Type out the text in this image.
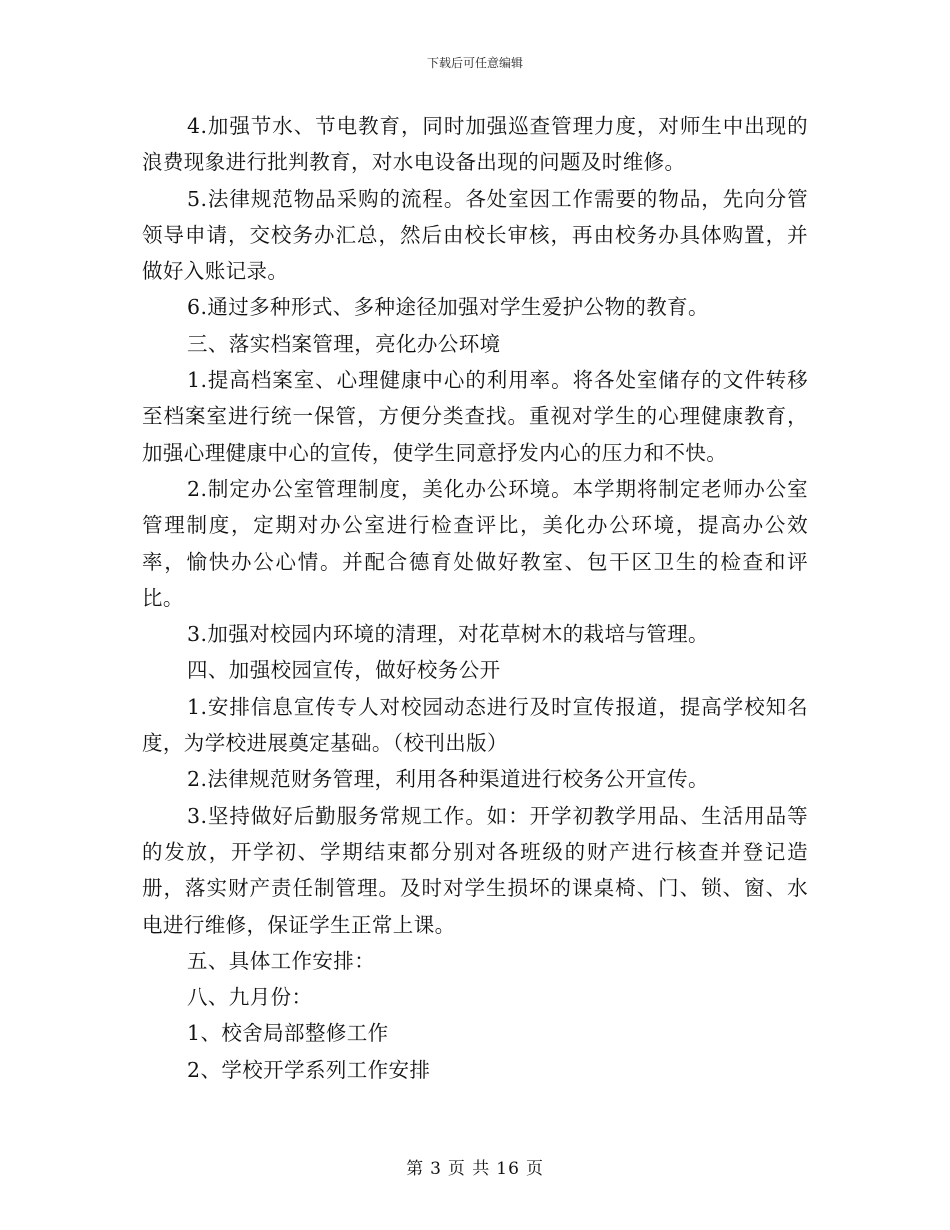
下载后可任意编辑

4.加强节水、节电教育，同时加强巡查管理力度，对师生中出现的浪费现象进行批判教育，对水电设备出现的问题及时维修。

5.法律规范物品采购的流程。各处室因工作需要的物品，先向分管领导申请，交校务办汇总，然后由校长审核，再由校务办具体购置，并做好入账记录。

6.通过多种形式、多种途径加强对学生爱护公物的教育。

三、落实档案管理，亮化办公环境

1.提高档案室、心理健康中心的利用率。将各处室储存的文件转移至档案室进行统一保管，方便分类查找。重视对学生的心理健康教育，加强心理健康中心的宣传，使学生同意抒发内心的压力和不快。

2.制定办公室管理制度，美化办公环境。本学期将制定老师办公室管理制度，定期对办公室进行检查评比，美化办公环境，提高办公效率，愉快办公心情。并配合德育处做好教室、包干区卫生的检查和评比。

3.加强对校园内环境的清理，对花草树木的栽培与管理。

四、加强校园宣传，做好校务公开

1.安排信息宣传专人对校园动态进行及时宣传报道，提高学校知名度，为学校进展奠定基础。（校刊出版）

2.法律规范财务管理，利用各种渠道进行校务公开宣传。

3.坚持做好后勤服务常规工作。如：开学初教学用品、生活用品等的发放，开学初、学期结束都分别对各班级的财产进行核查并登记造册，落实财产责任制管理。及时对学生损坏的课桌椅、门、锁、窗、水电进行维修，保证学生正常上课。

五、具体工作安排：

八、九月份：

1、校舍局部整修工作

2、学校开学系列工作安排

第 3 页 共 16 页
